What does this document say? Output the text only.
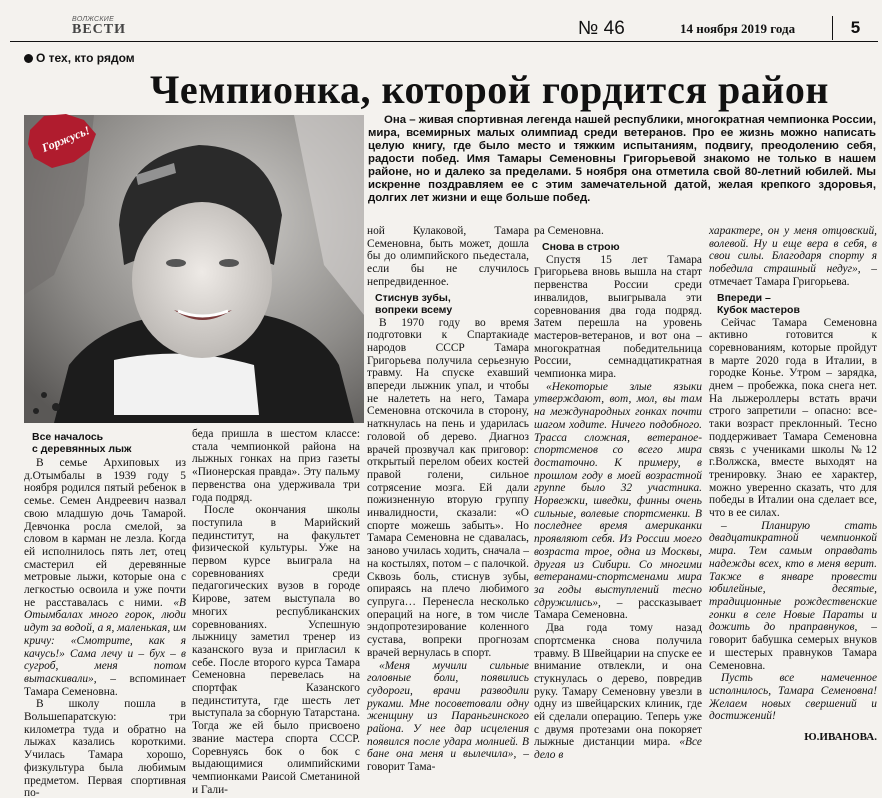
ВОЛЖСКИЕ
ВЕСТИ	№ 46	14 ноября 2019 года	5
О тех, кто рядом
Чемпионка, которой гордится район
Горжусь!

Она – живая спортивная легенда нашей республики, многократная чемпионка России, мира, всемирных малых олимпиад среди ветеранов. Про ее жизнь можно написать целую книгу, где было место и тяжким испытаниям, подвигу, преодолению себя, радости побед. Имя Тамары Семеновны Григорьевой знакомо не только в нашем районе, но и далеко за пределами. 5 ноября она отметила свой 80-летний юбилей. Мы искренне поздравляем ее с этим замечательной датой, желая крепкого здоровья, долгих лет жизни и еще больше побед.

Все началось
с деревянных лыж

В семье Архиповых из д.Отымбалы в 1939 году 5 ноября родился пятый ребенок в семье. Семен Андреевич назвал свою младшую дочь Тамарой. Девчонка росла смелой, за словом в карман не лезла. Когда ей исполнилось пять лет, отец смастерил ей деревянные метровые лыжи, которые она с легкостью освоила и уже почти не расставалась с ними. «В Отымбалах много горок, люди идут за водой, а я, маленькая, им кричу: «Смотрите, как я качусь!» Сама лечу и – бух – в сугроб, меня потом вытаскивали», – вспоминает Тамара Семеновна.

В школу пошла в Вольшепаратскую: три километра туда и обратно на лыжах казались короткими. Училась Тамара хорошо, физкультура была любимым предметом. Первая спортивная по-

беда пришла в шестом классе: стала чемпионкой района на лыжных гонках на приз газеты «Пионерская правда». Эту пальму первенства она удерживала три года подряд.

После окончания школы поступила в Марийский пединститут, на факультет физической культуры. Уже на первом курсе выиграла на соревнованиях среди педагогических вузов в городе Кирове, затем выступала во многих республиканских соревнованиях. Успешную лыжницу заметил тренер из казанского вуза и пригласил к себе. После второго курса Тамара Семеновна перевелась на спортфак Казанского пединститута, где шесть лет выступала за сборную Татарстана. Тогда же ей было присвоено звание мастера спорта СССР. Соревнуясь бок о бок с выдающимися олимпийскими чемпионками Раисой Сметаниной и Гали-

ной Кулаковой, Тамара Семеновна, быть может, дошла бы до олимпийского пьедестала, если бы не случилось непредвиденное.

Стиснув зубы,
вопреки всему

В 1970 году во время подготовки к Спартакиаде народов СССР Тамара Григорьева получила серьезную травму. На спуске ехавший впереди лыжник упал, и чтобы не налететь на него, Тамара Семеновна отскочила в сторону, наткнулась на пень и ударилась головой об дерево. Диагноз врачей прозвучал как приговор: открытый перелом обеих костей правой голени, сильное сотрясение мозга. Ей дали пожизненную вторую группу инвалидности, сказали: «О спорте можешь забыть». Но Тамара Семеновна не сдавалась, заново училась ходить, сначала – на костылях, потом – с палочкой. Сквозь боль, стиснув зубы, опираясь на плечо любимого супруга… Перенесла несколько операций на ноге, в том числе эндопротезирование коленного сустава, вопреки прогнозам врачей вернулась в спорт.

«Меня мучили сильные головные боли, появились судороги, врачи разводили руками. Мне посоветовали одну женщину из Параньгинского района. У нее дар исцеления появился после удара молнией. В бане она меня и вылечила», – говорит Тама-

ра Семеновна.

Снова в строю

Спустя 15 лет Тамара Григорьева вновь вышла на старт первенства России среди инвалидов, выигрывала эти соревнования два года подряд. Затем перешла на уровень мастеров-ветеранов, и вот она – многократная победительница России, семнадцатикратная чемпионка мира.

«Некоторые злые языки утверждают, вот, мол, вы там на международных гонках почти шагом ходите. Ничего подобного. Трасса сложная, ветераное-спортсменов со всего мира достаточно. К примеру, в прошлом году в моей возрастной группе было 32 участника. Норвежки, шведки, финны очень сильные, волевые спортсменки. В последнее время американки проявляют себя. Из России моего возраста трое, одна из Москвы, другая из Сибири. Со многими ветеранами-спортсменами мира за годы выступлений тесно сдружились», – рассказывает Тамара Семеновна.

Два года тому назад спортсменка снова получила травму. В Швейцарии на спуске ее внимание отвлекли, и она стукнулась о дерево, повредив руку. Тамару Семеновну увезли в одну из швейцарских клиник, где ей сделали операцию. Теперь уже с двумя протезами она покоряет лыжные дистанции мира. «Все дело в

характере, он у меня отцовский, волевой. Ну и еще вера в себя, в свои силы. Благодаря спорту я победила страшный недуг», – отмечает Тамара Григорьева.

Впереди –
Кубок мастеров

Сейчас Тамара Семеновна активно готовится к соревнованиям, которые пройдут в марте 2020 года в Италии, в городке Конье. Утром – зарядка, днем – пробежка, пока снега нет. На лыжероллеры встать врачи строго запретили – опасно: все-таки возраст преклонный. Тесно поддерживает Тамара Семеновна связь с учениками школы №12 г.Волжска, вместе выходят на тренировку. Знаю ее характер, можно уверенно сказать, что для победы в Италии она сделает все, что в ее силах.

– Планирую стать двадцатикратной чемпионкой мира. Тем самым оправдать надежды всех, кто в меня верит. Также в январе провести юбилейные, десятые, традиционные рождественские гонки в селе Новые Параты и дожить до праправнуков, – говорит бабушка семерых внуков и шестерых правнуков Тамара Семеновна.

Пусть все намеченное исполнилось, Тамара Семеновна! Желаем новых свершений и достижений!

Ю.ИВАНОВА.
